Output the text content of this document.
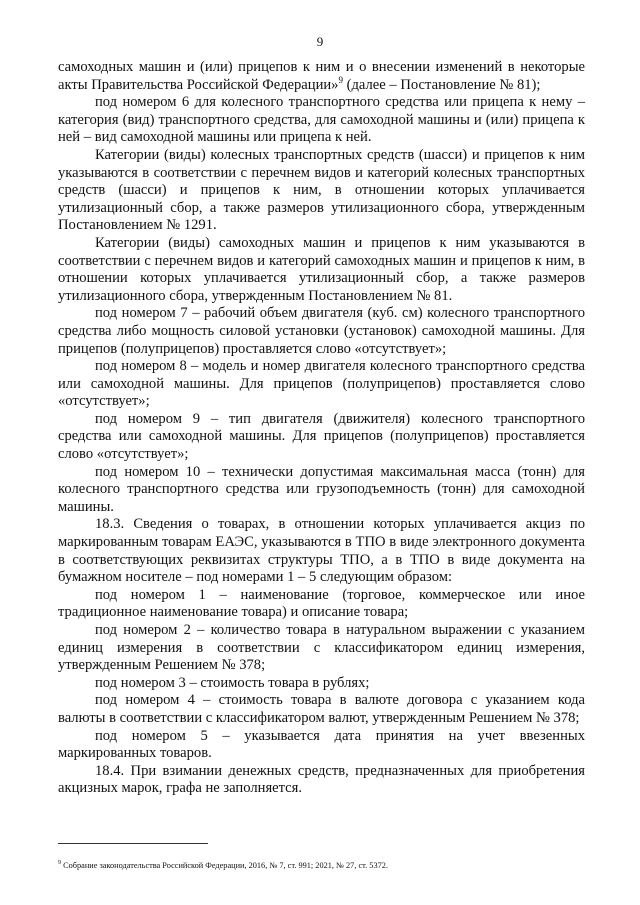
9

самоходных машин и (или) прицепов к ним и о внесении изменений в некоторые акты Правительства Российской Федерации»$^9$ (далее – Постановление № 81);

под номером 6 для колесного транспортного средства или прицепа к нему – категория (вид) транспортного средства, для самоходной машины и (или) прицепа к ней – вид самоходной машины или прицепа к ней.

Категории (виды) колесных транспортных средств (шасси) и прицепов к ним указываются в соответствии с перечнем видов и категорий колесных транспортных средств (шасси) и прицепов к ним, в отношении которых уплачивается утилизационный сбор, а также размеров утилизационного сбора, утвержденным Постановлением № 1291.

Категории (виды) самоходных машин и прицепов к ним указываются в соответствии с перечнем видов и категорий самоходных машин и прицепов к ним, в отношении которых уплачивается утилизационный сбор, а также размеров утилизационного сбора, утвержденным Постановлением № 81.

под номером 7 – рабочий объем двигателя (куб. см) колесного транспортного средства либо мощность силовой установки (установок) самоходной машины. Для прицепов (полуприцепов) проставляется слово «отсутствует»;

под номером 8 – модель и номер двигателя колесного транспортного средства или самоходной машины. Для прицепов (полуприцепов) проставляется слово «отсутствует»;

под номером 9 – тип двигателя (движителя) колесного транспортного средства или самоходной машины. Для прицепов (полуприцепов) проставляется слово «отсутствует»;

под номером 10 – технически допустимая максимальная масса (тонн) для колесного транспортного средства или грузоподъемность (тонн) для самоходной машины.

18.3. Сведения о товарах, в отношении которых уплачивается акциз по маркированным товарам ЕАЭС, указываются в ТПО в виде электронного документа в соответствующих реквизитах структуры ТПО, а в ТПО в виде документа на бумажном носителе – под номерами 1 – 5 следующим образом:

под номером 1 – наименование (торговое, коммерческое или иное традиционное наименование товара) и описание товара;

под номером 2 – количество товара в натуральном выражении с указанием единиц измерения в соответствии с классификатором единиц измерения, утвержденным Решением № 378;

под номером 3 – стоимость товара в рублях;

под номером 4 – стоимость товара в валюте договора с указанием кода валюты в соответствии с классификатором валют, утвержденным Решением № 378;

под номером 5 – указывается дата принятия на учет ввезенных маркированных товаров.

18.4. При взимании денежных средств, предназначенных для приобретения акцизных марок, графа не заполняется.

$^9$ Собрание законодательства Российской Федерации, 2016, № 7, ст. 991; 2021, № 27, ст. 5372.
